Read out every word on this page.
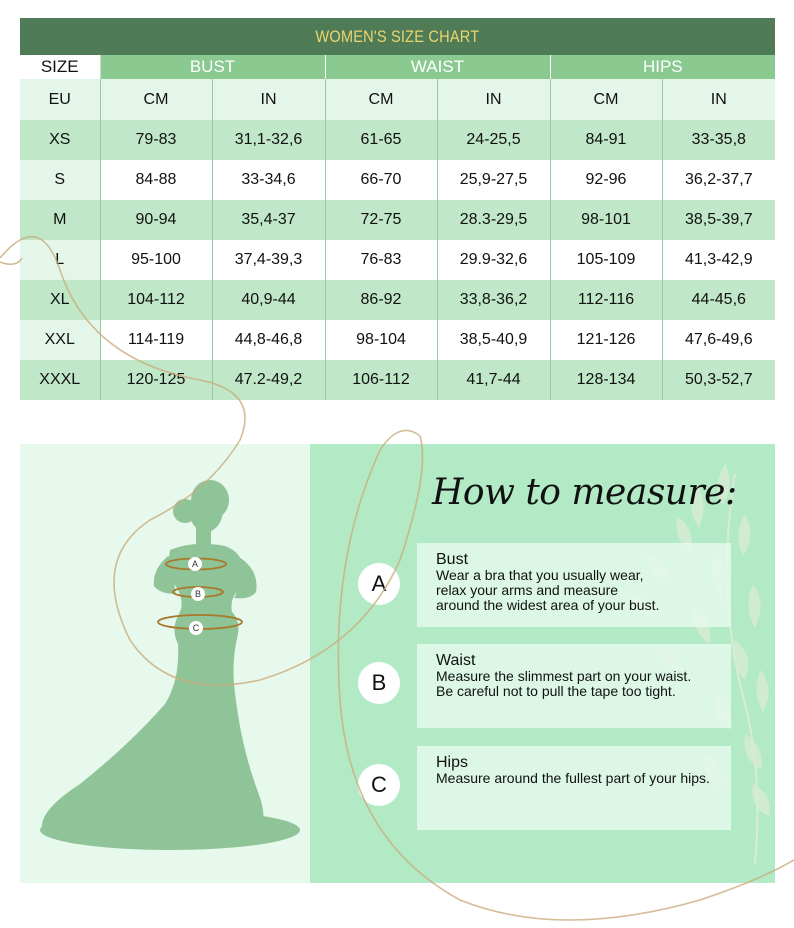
WOMEN'S SIZE CHART						
SIZE	BUST		WAIST		HIPS	
EU	CM	IN	CM	IN	CM	IN
XS	79-83	31,1-32,6	61-65	24-25,5	84-91	33-35,8
S	84-88	33-34,6	66-70	25,9-27,5	92-96	36,2-37,7
M	90-94	35,4-37	72-75	28.3-29,5	98-101	38,5-39,7
L	95-100	37,4-39,3	76-83	29.9-32,6	105-109	41,3-42,9
XL	104-112	40,9-44	86-92	33,8-36,2	112-116	44-45,6
XXL	114-119	44,8-46,8	98-104	38,5-40,9	121-126	47,6-49,6
XXXL	120-125	47.2-49,2	106-112	41,7-44	128-134	50,3-52,7
A
B
C
How to measure:
A
Bust
Wear a bra that you usually wear,
relax your arms and measure
around the widest area of your bust.
B
Waist
Measure the slimmest part on your waist.
Be careful not to pull the tape too tight.
C
Hips
Measure around the fullest part of your hips.
